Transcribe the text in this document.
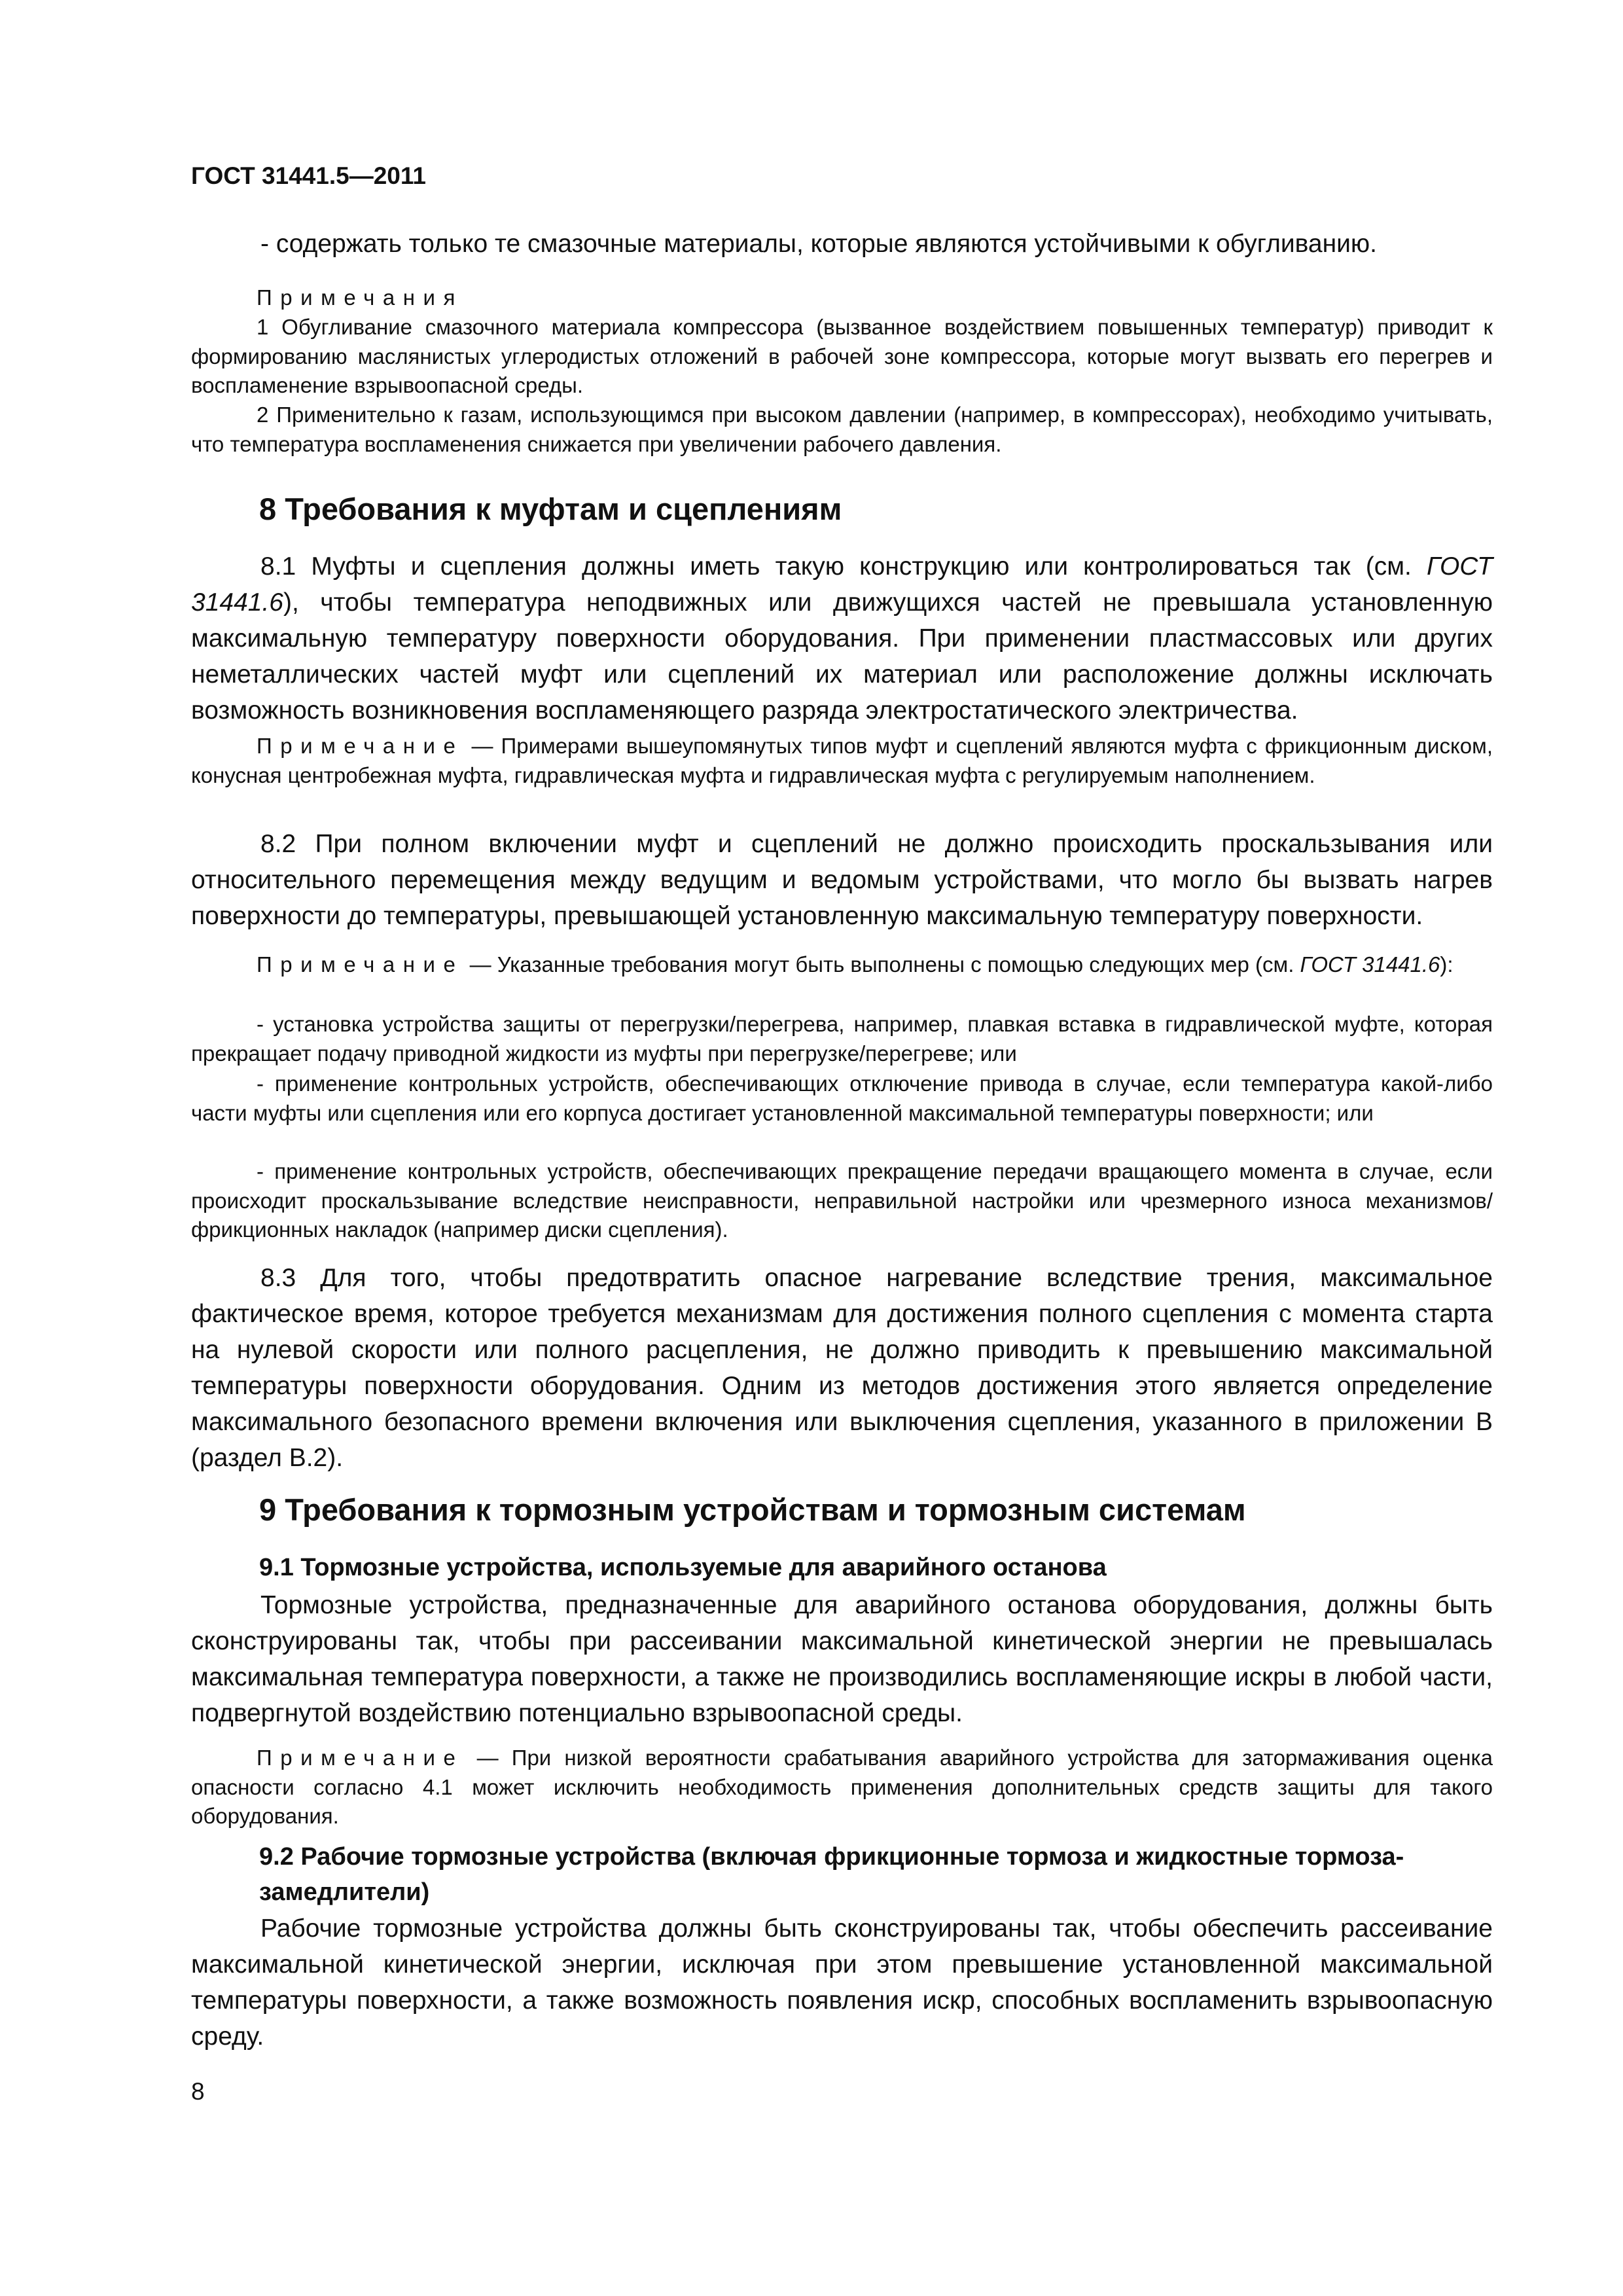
ГОСТ 31441.5—2011

- содержать только те смазочные материалы, которые являются устойчивыми к обугливанию.

Примечания

1 Обугливание смазочного материала компрессора (вызванное воздействием повышенных температур) приводит к формированию маслянистых углеродистых отложений в рабочей зоне компрессора, которые могут вызвать его перегрев и воспламенение взрывоопасной среды.

2 Применительно к газам, использующимся при высоком давлении (например, в компрессорах), необходимо учитывать, что температура воспламенения снижается при увеличении рабочего давления.

8 Требования к муфтам и сцеплениям

8.1 Муфты и сцепления должны иметь такую конструкцию или контролироваться так (см. ГОСТ 31441.6), чтобы температура неподвижных или движущихся частей не превышала установленную максимальную температуру поверхности оборудования. При применении пластмассовых или других неметаллических частей муфт или сцеплений их материал или расположение должны исключать возможность возникновения воспламеняющего разряда электростатического электричества.

Примечание — Примерами вышеупомянутых типов муфт и сцеплений являются муфта с фрикционным диском, конусная центробежная муфта, гидравлическая муфта и гидравлическая муфта с регулируемым наполнением.

8.2 При полном включении муфт и сцеплений не должно происходить проскальзывания или относительного перемещения между ведущим и ведомым устройствами, что могло бы вызвать нагрев поверхности до температуры, превышающей установленную максимальную температуру поверхности.

Примечание — Указанные требования могут быть выполнены с помощью следующих мер (см. ГОСТ 31441.6):

- установка устройства защиты от перегрузки/перегрева, например, плавкая вставка в гидравлической муфте, которая прекращает подачу приводной жидкости из муфты при перегрузке/перегреве; или

- применение контрольных устройств, обеспечивающих отключение привода в случае, если температура какой-либо части муфты или сцепления или его корпуса достигает установленной максимальной температуры поверхности; или

- применение контрольных устройств, обеспечивающих прекращение передачи вращающего момента в случае, если происходит проскальзывание вследствие неисправности, неправильной настройки или чрезмерного износа механизмов/фрикционных накладок (например диски сцепления).

8.3 Для того, чтобы предотвратить опасное нагревание вследствие трения, максимальное фактическое время, которое требуется механизмам для достижения полного сцепления с момента старта на нулевой скорости или полного расцепления, не должно приводить к превышению максимальной температуры поверхности оборудования. Одним из методов достижения этого является определение максимального безопасного времени включения или выключения сцепления, указанного в приложении В (раздел В.2).

9 Требования к тормозным устройствам и тормозным системам
9.1 Тормозные устройства, используемые для аварийного останова

Тормозные устройства, предназначенные для аварийного останова оборудования, должны быть сконструированы так, чтобы при рассеивании максимальной кинетической энергии не превышалась максимальная температура поверхности, а также не производились воспламеняющие искры в любой части, подвергнутой воздействию потенциально взрывоопасной среды.

Примечание — При низкой вероятности срабатывания аварийного устройства для затормаживания оценка опасности согласно 4.1 может исключить необходимость применения дополнительных средств защиты для такого оборудования.

9.2 Рабочие тормозные устройства (включая фрикционные тормоза и жидкостные тормоза-замедлители)

Рабочие тормозные устройства должны быть сконструированы так, чтобы обеспечить рассеивание максимальной кинетической энергии, исключая при этом превышение установленной максимальной температуры поверхности, а также возможность появления искр, способных воспламенить взрывоопасную среду.

8
